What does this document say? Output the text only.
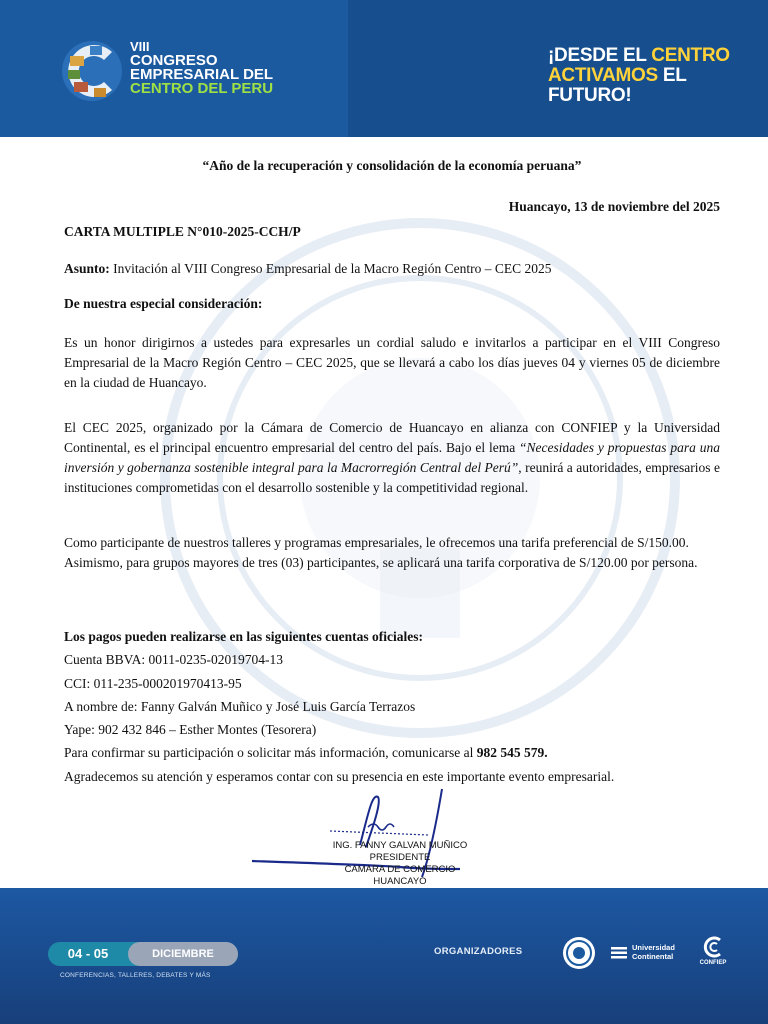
VIII
CONGRESO
EMPRESARIAL DEL
CENTRO DEL PERU
¡DESDE EL CENTRO
ACTIVAMOS EL
FUTURO!
“Año de la recuperación y consolidación de la economía peruana”
Huancayo, 13 de noviembre del 2025
CARTA MULTIPLE N°010-2025-CCH/P
Asunto: Invitación al VIII Congreso Empresarial de la Macro Región Centro – CEC 2025
De nuestra especial consideración:
Es un honor dirigirnos a ustedes para expresarles un cordial saludo e invitarlos a participar en el VIII Congreso Empresarial de la Macro Región Centro – CEC 2025, que se llevará a cabo los días jueves 04 y viernes 05 de diciembre en la ciudad de Huancayo.
El CEC 2025, organizado por la Cámara de Comercio de Huancayo en alianza con CONFIEP y la Universidad Continental, es el principal encuentro empresarial del centro del país. Bajo el lema “Necesidades y propuestas para una inversión y gobernanza sostenible integral para la Macrorregión Central del Perú”, reunirá a autoridades, empresarios e instituciones comprometidas con el desarrollo sostenible y la competitividad regional.
Como participante de nuestros talleres y programas empresariales, le ofrecemos una tarifa preferencial de S/150.00. Asimismo, para grupos mayores de tres (03) participantes, se aplicará una tarifa corporativa de S/120.00 por persona.
Los pagos pueden realizarse en las siguientes cuentas oficiales:
Cuenta BBVA: 0011-0235-02019704-13
CCI: 011-235-000201970413-95
A nombre de: Fanny Galván Muñico y José Luis García Terrazos
Yape: 902 432 846 – Esther Montes (Tesorera)
Para confirmar su participación o solicitar más información, comunicarse al 982 545 579.
Agradecemos su atención y esperamos contar con su presencia en este importante evento empresarial.
ING. FANNY GALVAN MUÑICO
PRESIDENTE
CAMARA DE COMERCIO HUANCAYO
04 - 05	DICIEMBRE
CONFERENCIAS, TALLERES, DEBATES Y MÁS
ORGANIZADORES	Universidad
Continental
CONFIEP
